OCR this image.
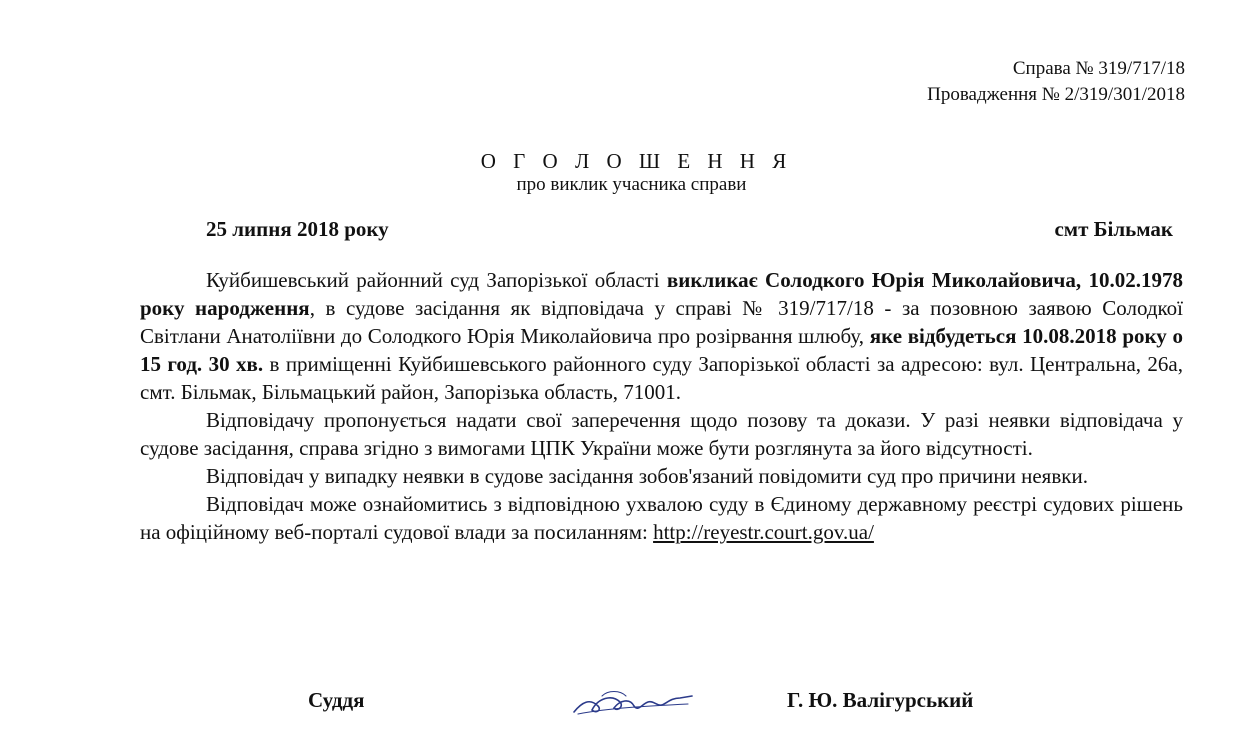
Справа № 319/717/18
Провадження № 2/319/301/2018
О Г О Л О Ш Е Н Н Я
про виклик учасника справи
25 липня 2018 року	смт Більмак

Куйбишевський районний суд Запорізької області викликає Солодкого Юрія Миколайовича, 10.02.1978 року народження, в судове засідання як відповідача у справі № 319/717/18 - за позовною заявою Солодкої Світлани Анатоліївни до Солодкого Юрія Миколайовича про розірвання шлюбу, яке відбудеться 10.08.2018 року о 15 год. 30 хв. в приміщенні Куйбишевського районного суду Запорізької області за адресою: вул. Центральна, 26а, смт. Більмак, Більмацький район, Запорізька область, 71001.

Відповідачу пропонується надати свої заперечення щодо позову та докази. У разі неявки відповідача у судове засідання, справа згідно з вимогами ЦПК України може бути розглянута за його відсутності.

Відповідач у випадку неявки в судове засідання зобов'язаний повідомити суд про причини неявки.

Відповідач може ознайомитись з відповідною ухвалою суду в Єдиному державному реєстрі судових рішень на офіційному веб-порталі судової влади за посиланням: http://reyestr.court.gov.ua/

Суддя	Г. Ю. Валігурський
